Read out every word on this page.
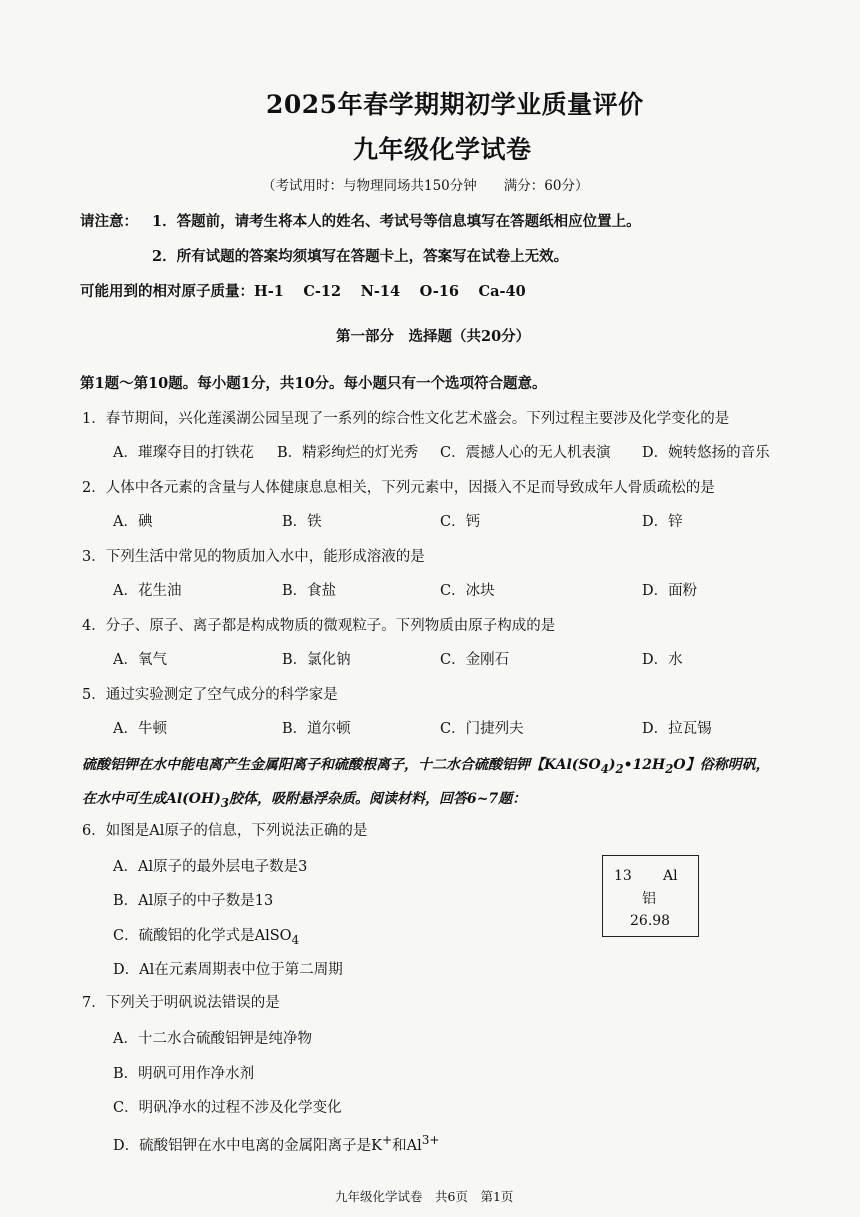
2025年春学期期初学业质量评价
九年级化学试卷
（考试用时：与物理同场共150分钟　　满分：60分）
请注意： 1．答题前，请考生将本人的姓名、考试号等信息填写在答题纸相应位置上。
2．所有试题的答案均须填写在答题卡上，答案写在试卷上无效。
可能用到的相对原子质量：H-1　 C-12　 N-14　 O-16　 Ca-40
第一部分　选择题（共20分）
第1题～第10题。每小题1分，共10分。每小题只有一个选项符合题意。
1．春节期间，兴化莲溪湖公园呈现了一系列的综合性文化艺术盛会。下列过程主要涉及化学变化的是
A．璀璨夺目的打铁花 B．精彩绚烂的灯光秀 C．震撼人心的无人机表演 D．婉转悠扬的音乐
2．人体中各元素的含量与人体健康息息相关，下列元素中，因摄入不足而导致成年人骨质疏松的是
A．碘	B．铁	C．钙	D．锌
3．下列生活中常见的物质加入水中，能形成溶液的是
A．花生油	B．食盐	C．冰块	D．面粉
4．分子、原子、离子都是构成物质的微观粒子。下列物质由原子构成的是
A．氧气	B．氯化钠	C．金刚石	D．水
5．通过实验测定了空气成分的科学家是
A．牛顿	B．道尔顿	C．门捷列夫	D．拉瓦锡
硫酸铝钾在水中能电离产生金属阳离子和硫酸根离子，十二水合硫酸铝钾【$KAl(SO_4)_2•12H_2O$】俗称明矾，
在水中可生成$Al(OH)_3$胶体，吸附悬浮杂质。阅读材料，回答6~7题：
6．如图是Al原子的信息，下列说法正确的是
A．Al原子的最外层电子数是3
B．Al原子的中子数是13
C．硫酸铝的化学式是AlSO$_4$
D．Al在元素周期表中位于第二周期
13 Al
铝
26.98
7．下列关于明矾说法错误的是
A．十二水合硫酸铝钾是纯净物
B．明矾可用作净水剂
C．明矾净水的过程不涉及化学变化
D．硫酸铝钾在水中电离的金属阳离子是K+和$Al^{3+}$
九年级化学试卷　共6页　第1页
